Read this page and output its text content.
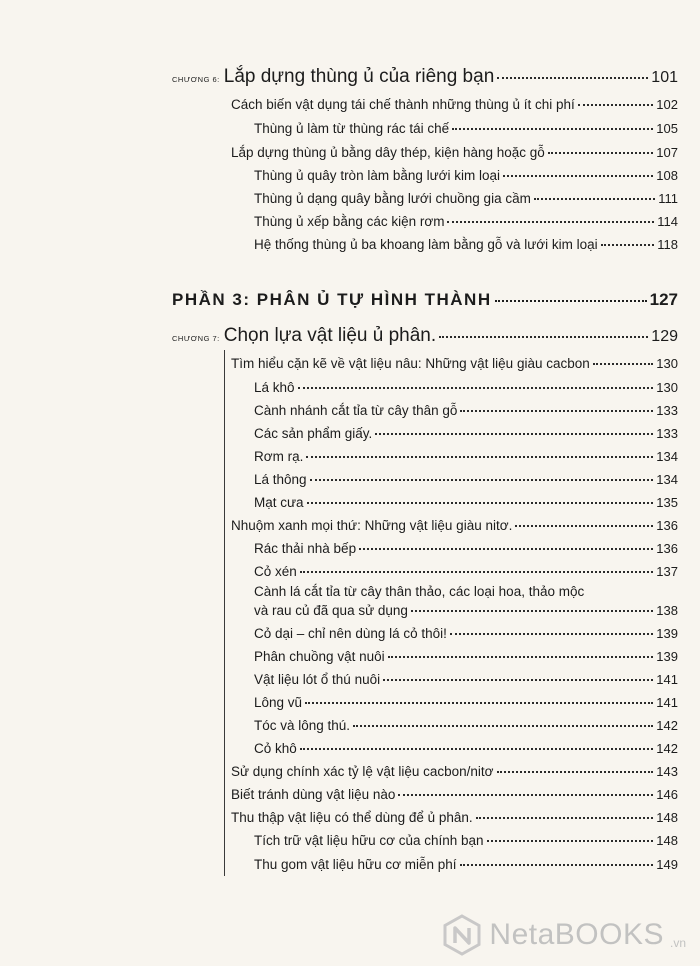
CHƯƠNG 6: Lắp dựng thùng ủ của riêng bạn	101
Cách biến vật dụng tái chế thành những thùng ủ ít chi phí	102
Thùng ủ làm từ thùng rác tái chế	105
Lắp dựng thùng ủ bằng dây thép, kiện hàng hoặc gỗ	107
Thùng ủ quây tròn làm bằng lưới kim loại	108
Thùng ủ dạng quây bằng lưới chuồng gia cầm	111
Thùng ủ xếp bằng các kiện rơm	114
Hệ thống thùng ủ ba khoang làm bằng gỗ và lưới kim loại	118
PHẦN 3: PHÂN Ủ TỰ HÌNH THÀNH	127
CHƯƠNG 7: Chọn lựa vật liệu ủ phân.	129
Tìm hiểu cặn kẽ về vật liệu nâu: Những vật liệu giàu cacbon	130
Lá khô	130
Cành nhánh cắt tỉa từ cây thân gỗ	133
Các sản phẩm giấy.	133
Rơm rạ.	134
Lá thông	134
Mạt cưa	135
Nhuộm xanh mọi thứ: Những vật liệu giàu nitơ.	136
Rác thải nhà bếp	136
Cỏ xén	137
Cành lá cắt tỉa từ cây thân thảo, các loại hoa, thảo mộc
và rau củ đã qua sử dụng	138
Cỏ dại – chỉ nên dùng lá cỏ thôi!	139
Phân chuồng vật nuôi	139
Vật liệu lót ổ thú nuôi	141
Lông vũ	141
Tóc và lông thú.	142
Cỏ khô	142
Sử dụng chính xác tỷ lệ vật liệu cacbon/nitơ	143
Biết tránh dùng vật liệu nào	146
Thu thập vật liệu có thể dùng để ủ phân.	148
Tích trữ vật liệu hữu cơ của chính bạn	148
Thu gom vật liệu hữu cơ miễn phí	149
NetaBOOKS .vn
